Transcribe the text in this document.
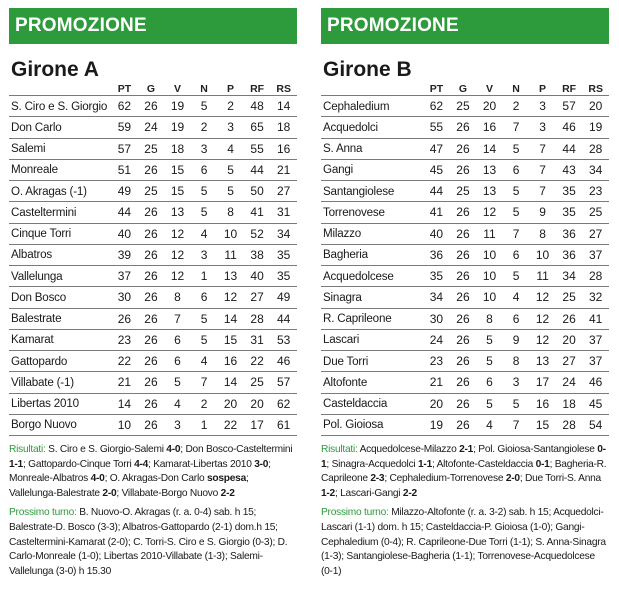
PROMOZIONE
Girone A
	PT	G	V	N	P	RF	RS
S. Ciro e S. Giorgio	62	26	19	5	2	48	14
Don Carlo	59	24	19	2	3	65	18
Salemi	57	25	18	3	4	55	16
Monreale	51	26	15	6	5	44	21
O. Akragas (-1)	49	25	15	5	5	50	27
Casteltermini	44	26	13	5	8	41	31
Cinque Torri	40	26	12	4	10	52	34
Albatros	39	26	12	3	11	38	35
Vallelunga	37	26	12	1	13	40	35
Don Bosco	30	26	8	6	12	27	49
Balestrate	26	26	7	5	14	28	44
Kamarat	23	26	6	5	15	31	53
Gattopardo	22	26	6	4	16	22	46
Villabate (-1)	21	26	5	7	14	25	57
Libertas 2010	14	26	4	2	20	20	62
Borgo Nuovo	10	26	3	1	22	17	61

Risultati: S. Ciro e S. Giorgio-Salemi 4-0; Don Bosco-Casteltermini 1-1; Gattopardo-Cinque Torri 4-4; Kamarat-Libertas 2010 3-0; Monreale-Albatros 4-0; O. Akragas-Don Carlo sospesa; Vallelunga-Balestrate 2-0; Villabate-Borgo Nuovo 2-2

Prossimo turno: B. Nuovo-O. Akragas (r. a. 0-4) sab. h 15; Balestrate-D. Bosco (3-3); Albatros-Gattopardo (2-1) dom.h 15; Casteltermini-Kamarat (2-0); C. Torri-S. Ciro e S. Giorgio (0-3); D. Carlo-Monreale (1-0); Libertas 2010-Villabate (1-3); Salemi-Vallelunga (3-0) h 15.30

PROMOZIONE
Girone B
	PT	G	V	N	P	RF	RS
Cephaledium	62	25	20	2	3	57	20
Acquedolci	55	26	16	7	3	46	19
S. Anna	47	26	14	5	7	44	28
Gangi	45	26	13	6	7	43	34
Santangiolese	44	25	13	5	7	35	23
Torrenovese	41	26	12	5	9	35	25
Milazzo	40	26	11	7	8	36	27
Bagheria	36	26	10	6	10	36	37
Acquedolcese	35	26	10	5	11	34	28
Sinagra	34	26	10	4	12	25	32
R. Caprileone	30	26	8	6	12	26	41
Lascari	24	26	5	9	12	20	37
Due Torri	23	26	5	8	13	27	37
Altofonte	21	26	6	3	17	24	46
Casteldaccia	20	26	5	5	16	18	45
Pol. Gioiosa	19	26	4	7	15	28	54

Risultati: Acquedolcese-Milazzo 2-1; Pol. Gioiosa-Santangiolese 0-1; Sinagra-Acquedolci 1-1; Altofonte-Casteldaccia 0-1; Bagheria-R. Caprileone 2-3; Cephaledium-Torrenovese 2-0; Due Torri-S. Anna 1-2; Lascari-Gangi 2-2

Prossimo turno: Milazzo-Altofonte (r. a. 3-2) sab. h 15; Acquedolci-Lascari (1-1) dom. h 15; Casteldaccia-P. Gioiosa (1-0); Gangi-Cephaledium (0-4); R. Caprileone-Due Torri (1-1); S. Anna-Sinagra (1-3); Santangiolese-Bagheria (1-1); Torrenovese-Acquedolcese (0-1)
